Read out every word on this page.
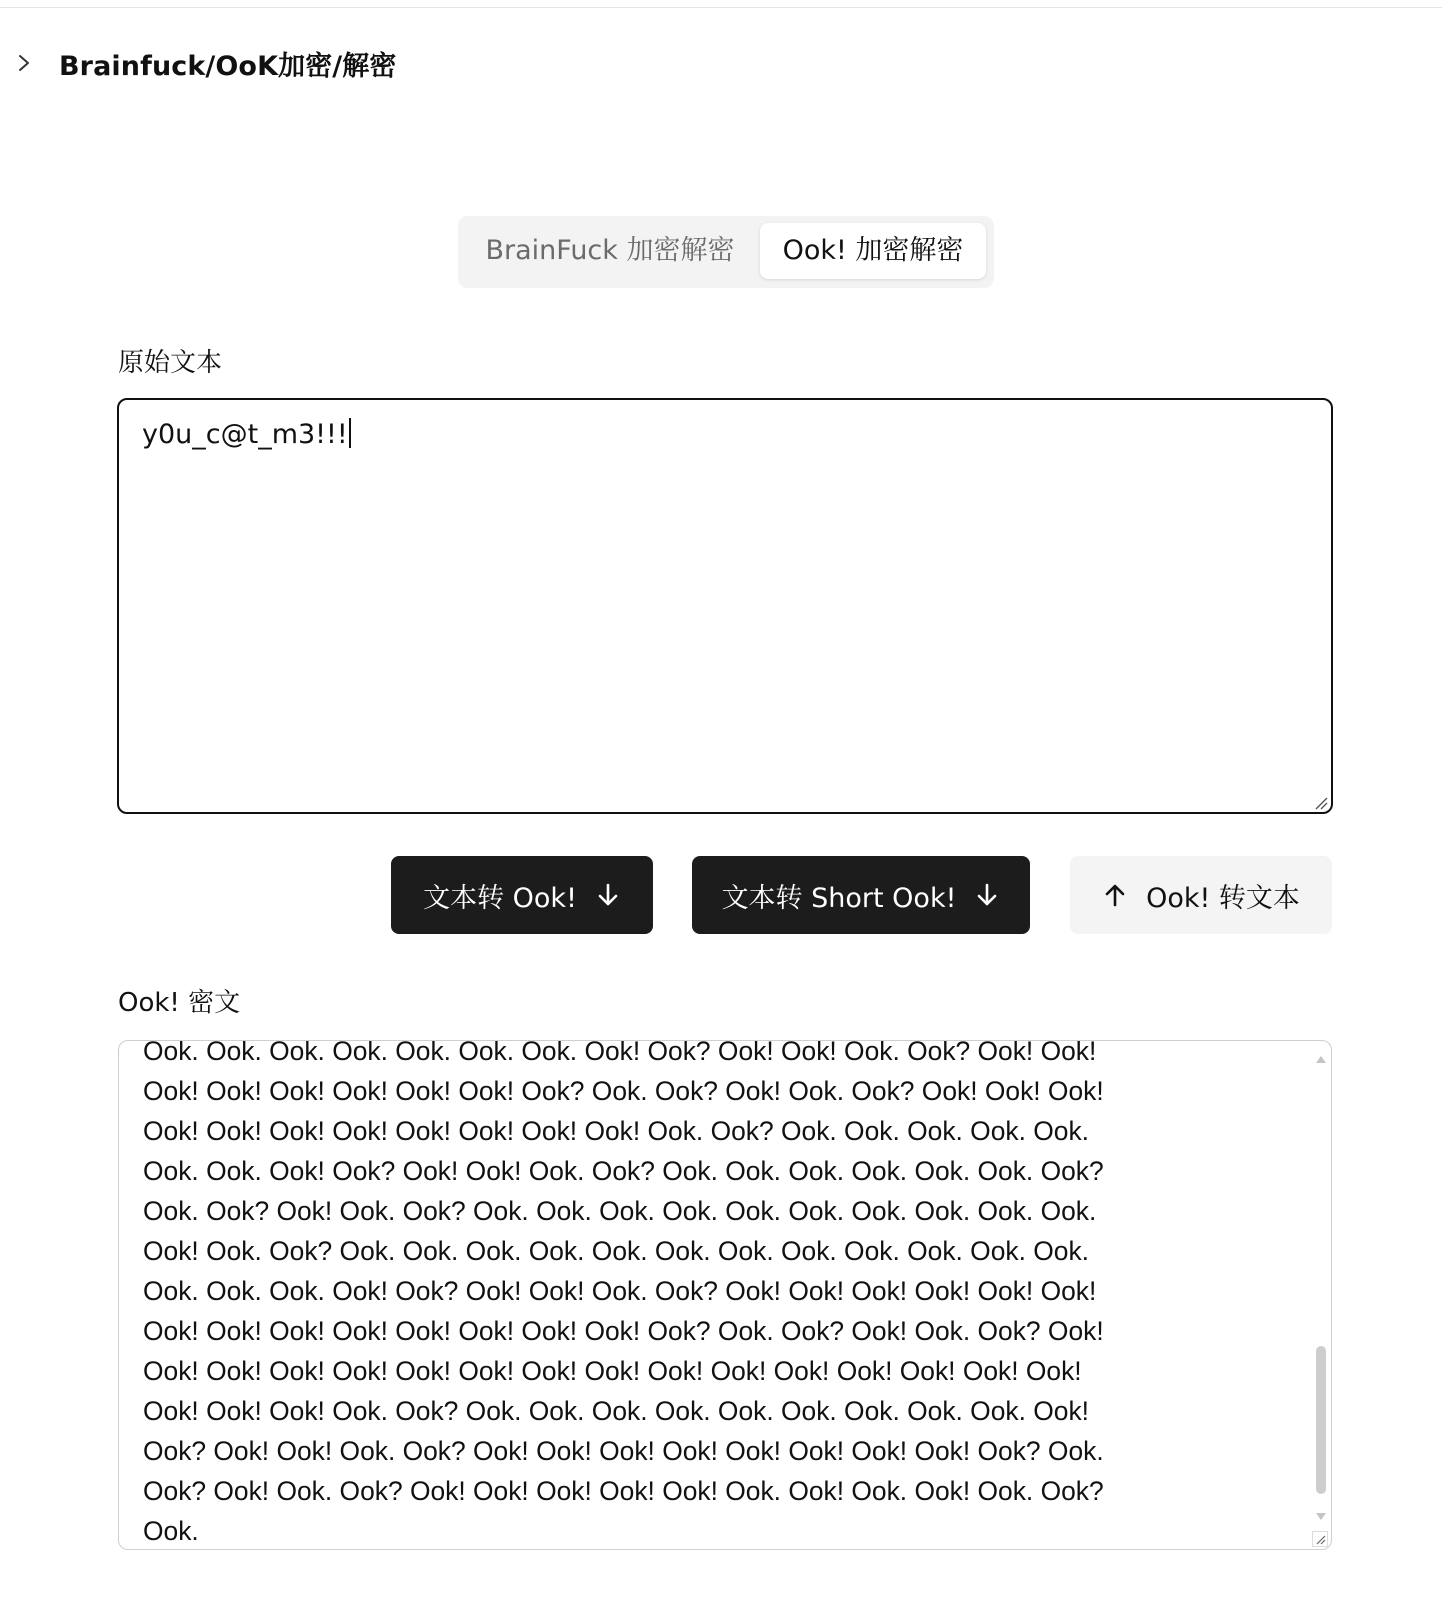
Brainfuck/OoK加密/解密
BrainFuck 加密解密	Ook! 加密解密
原始文本
y0u_c@t_m3!!!
文本转 Ook!	文本转 Short Ook!	Ook! 转文本
Ook! 密文
Ook. Ook. Ook. Ook. Ook. Ook. Ook. Ook! Ook? Ook! Ook! Ook. Ook? Ook! Ook!
Ook! Ook! Ook! Ook! Ook! Ook! Ook? Ook. Ook? Ook! Ook. Ook? Ook! Ook! Ook!
Ook! Ook! Ook! Ook! Ook! Ook! Ook! Ook! Ook. Ook? Ook. Ook. Ook. Ook. Ook.
Ook. Ook. Ook! Ook? Ook! Ook! Ook. Ook? Ook. Ook. Ook. Ook. Ook. Ook. Ook?
Ook. Ook? Ook! Ook. Ook? Ook. Ook. Ook. Ook. Ook. Ook. Ook. Ook. Ook. Ook.
Ook! Ook. Ook? Ook. Ook. Ook. Ook. Ook. Ook. Ook. Ook. Ook. Ook. Ook. Ook.
Ook. Ook. Ook. Ook! Ook? Ook! Ook! Ook. Ook? Ook! Ook! Ook! Ook! Ook! Ook!
Ook! Ook! Ook! Ook! Ook! Ook! Ook! Ook! Ook? Ook. Ook? Ook! Ook. Ook? Ook!
Ook! Ook! Ook! Ook! Ook! Ook! Ook! Ook! Ook! Ook! Ook! Ook! Ook! Ook! Ook!
Ook! Ook! Ook! Ook. Ook? Ook. Ook. Ook. Ook. Ook. Ook. Ook. Ook. Ook. Ook!
Ook? Ook! Ook! Ook. Ook? Ook! Ook! Ook! Ook! Ook! Ook! Ook! Ook! Ook? Ook.
Ook? Ook! Ook. Ook? Ook! Ook! Ook! Ook! Ook! Ook. Ook! Ook. Ook! Ook. Ook?
Ook.
